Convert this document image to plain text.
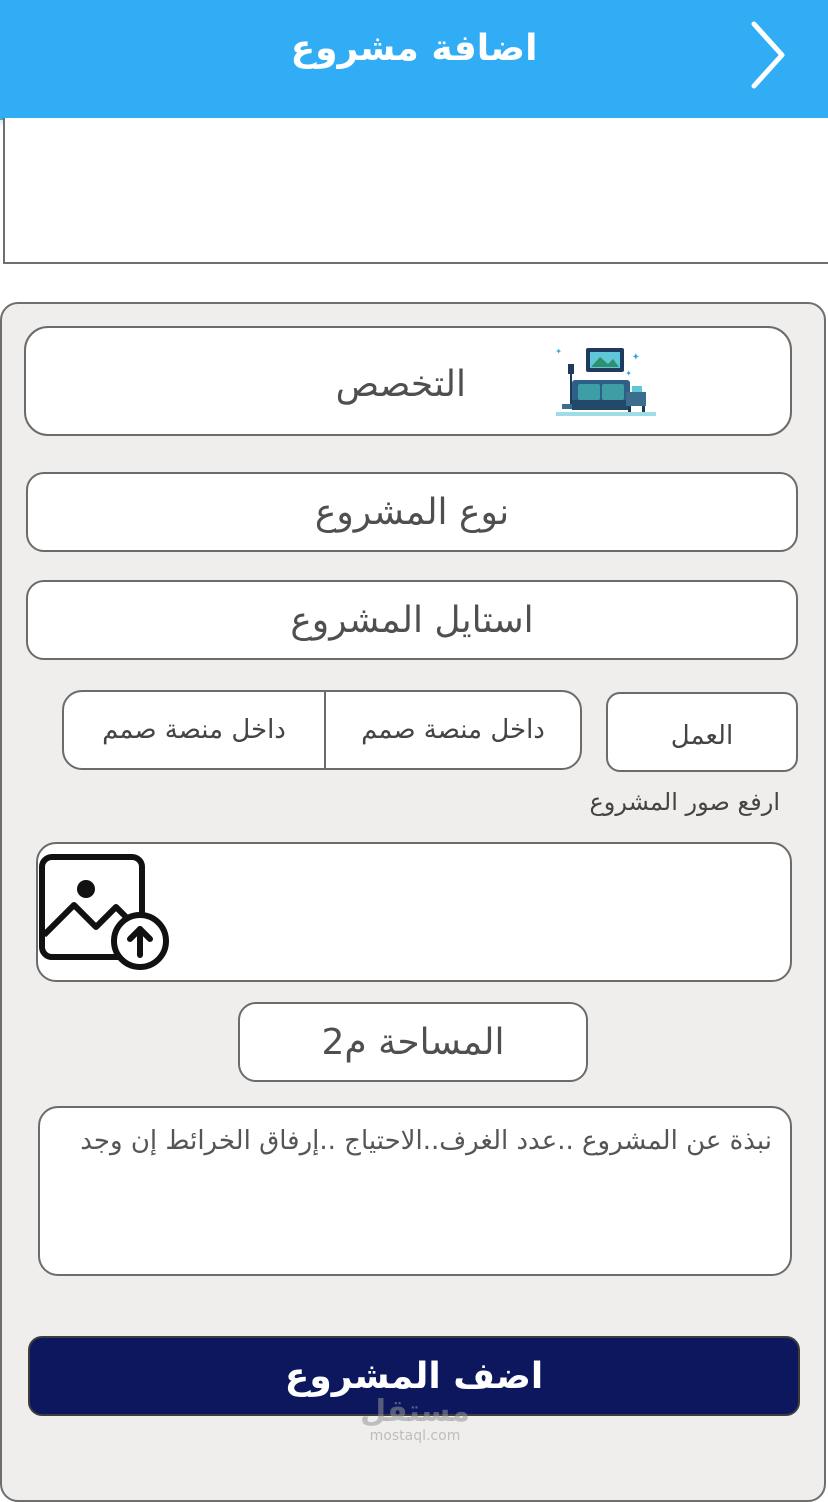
اضافة مشروع
التخصص
✦
✦
✦
نوع المشروع
استايل المشروع
العمل
داخل منصة صمم
داخل منصة صمم
ارفع صور المشروع
المساحة م2
نبذة عن المشروع ..عدد الغرف..الاحتياج ..إرفاق الخرائط إن وجد
اضف المشروع
مستقل
mostaql.com
